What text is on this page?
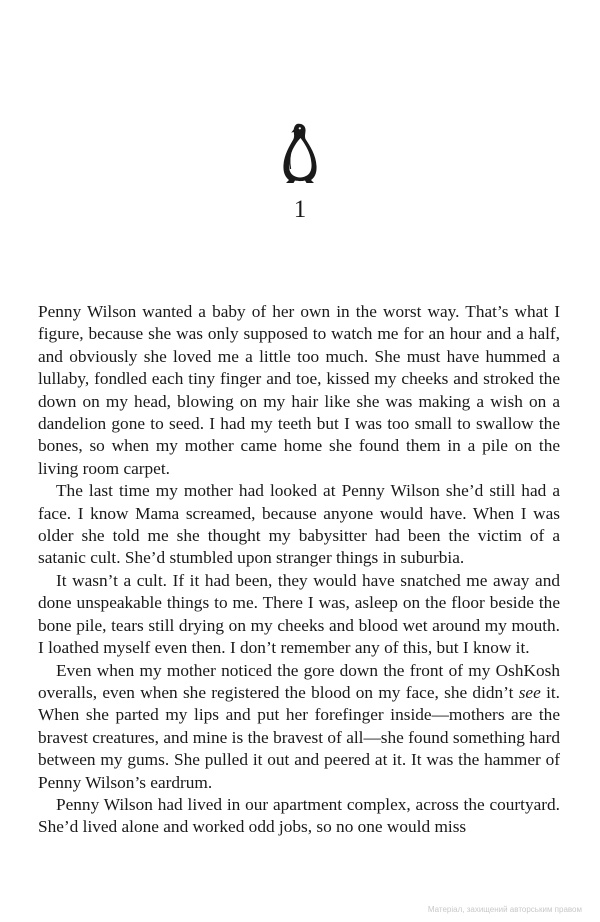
1

Penny Wilson wanted a baby of her own in the worst way. That’s what I figure, because she was only supposed to watch me for an hour and a half, and obviously she loved me a little too much. She must have hummed a lullaby, fondled each tiny finger and toe, kissed my cheeks and stroked the down on my head, blowing on my hair like she was making a wish on a dandelion gone to seed. I had my teeth but I was too small to swallow the bones, so when my mother came home she found them in a pile on the living room carpet.

The last time my mother had looked at Penny Wilson she’d still had a face. I know Mama screamed, because anyone would have. When I was older she told me she thought my babysitter had been the victim of a satanic cult. She’d stumbled upon stranger things in suburbia.

It wasn’t a cult. If it had been, they would have snatched me away and done unspeakable things to me. There I was, asleep on the floor beside the bone pile, tears still drying on my cheeks and blood wet around my mouth. I loathed myself even then. I don’t remember any of this, but I know it.

Even when my mother noticed the gore down the front of my OshKosh overalls, even when she registered the blood on my face, she didn’t see it. When she parted my lips and put her forefinger inside—mothers are the bravest creatures, and mine is the bravest of all—she found something hard between my gums. She pulled it out and peered at it. It was the hammer of Penny Wilson’s eardrum.

Penny Wilson had lived in our apartment complex, across the courtyard. She’d lived alone and worked odd jobs, so no one would miss

Матеріал, захищений авторським правом
